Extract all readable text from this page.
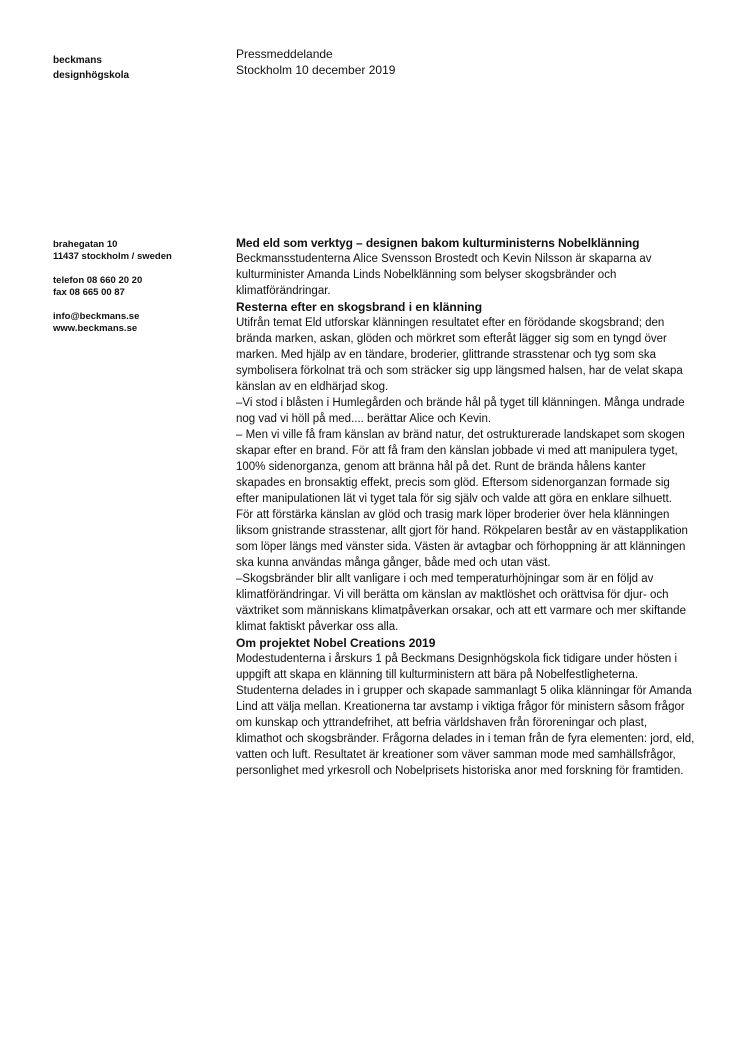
beckmans
designhögskola
Pressmeddelande
Stockholm 10 december 2019
brahegatan 10
11437 stockholm / sweden
telefon 08 660 20 20
fax 08 665 00 87
info@beckmans.se
www.beckmans.se

Med eld som verktyg – designen bakom kulturministerns Nobelklänning

Beckmansstudenterna Alice Svensson Brostedt och Kevin Nilsson är skaparna av kulturminister Amanda Linds Nobelklänning som belyser skogsbränder och klimatförändringar.

Resterna efter en skogsbrand i en klänning

Utifrån temat Eld utforskar klänningen resultatet efter en förödande skogsbrand; den brända marken, askan, glöden och mörkret som efteråt lägger sig som en tyngd över marken. Med hjälp av en tändare, broderier, glittrande strasstenar och tyg som ska symbolisera förkolnat trä och som sträcker sig upp längsmed halsen, har de velat skapa känslan av en eldhärjad skog.

–Vi stod i blåsten i Humlegården och brände hål på tyget till klänningen. Många undrade nog vad vi höll på med.... berättar Alice och Kevin.

– Men vi ville få fram känslan av bränd natur, det ostrukturerade landskapet som skogen skapar efter en brand. För att få fram den känslan jobbade vi med att manipulera tyget, 100% sidenorganza, genom att bränna hål på det. Runt de brända hålens kanter skapades en bronsaktig effekt, precis som glöd. Eftersom sidenorganzan formade sig efter manipulationen lät vi tyget tala för sig själv och valde att göra en enklare silhuett.

För att förstärka känslan av glöd och trasig mark löper broderier över hela klänningen liksom gnistrande strasstenar, allt gjort för hand. Rökpelaren består av en västapplikation som löper längs med vänster sida. Västen är avtagbar och förhoppning är att klänningen ska kunna användas många gånger, både med och utan väst.

–Skogsbränder blir allt vanligare i och med temperaturhöjningar som är en följd av klimatförändringar. Vi vill berätta om känslan av maktlöshet och orättvisa för djur- och växtriket som människans klimatpåverkan orsakar, och att ett varmare och mer skiftande klimat faktiskt påverkar oss alla.

Om projektet Nobel Creations 2019

Modestudenterna i årskurs 1 på Beckmans Designhögskola fick tidigare under hösten i uppgift att skapa en klänning till kulturministern att bära på Nobelfestligheterna. Studenterna delades in i grupper och skapade sammanlagt 5 olika klänningar för Amanda Lind att välja mellan. Kreationerna tar avstamp i viktiga frågor för ministern såsom frågor om kunskap och yttrandefrihet, att befria världshaven från föroreningar och plast, klimathot och skogsbränder. Frågorna delades in i teman från de fyra elementen: jord, eld, vatten och luft. Resultatet är kreationer som väver samman mode med samhällsfrågor, personlighet med yrkesroll och Nobelprisets historiska anor med forskning för framtiden.
